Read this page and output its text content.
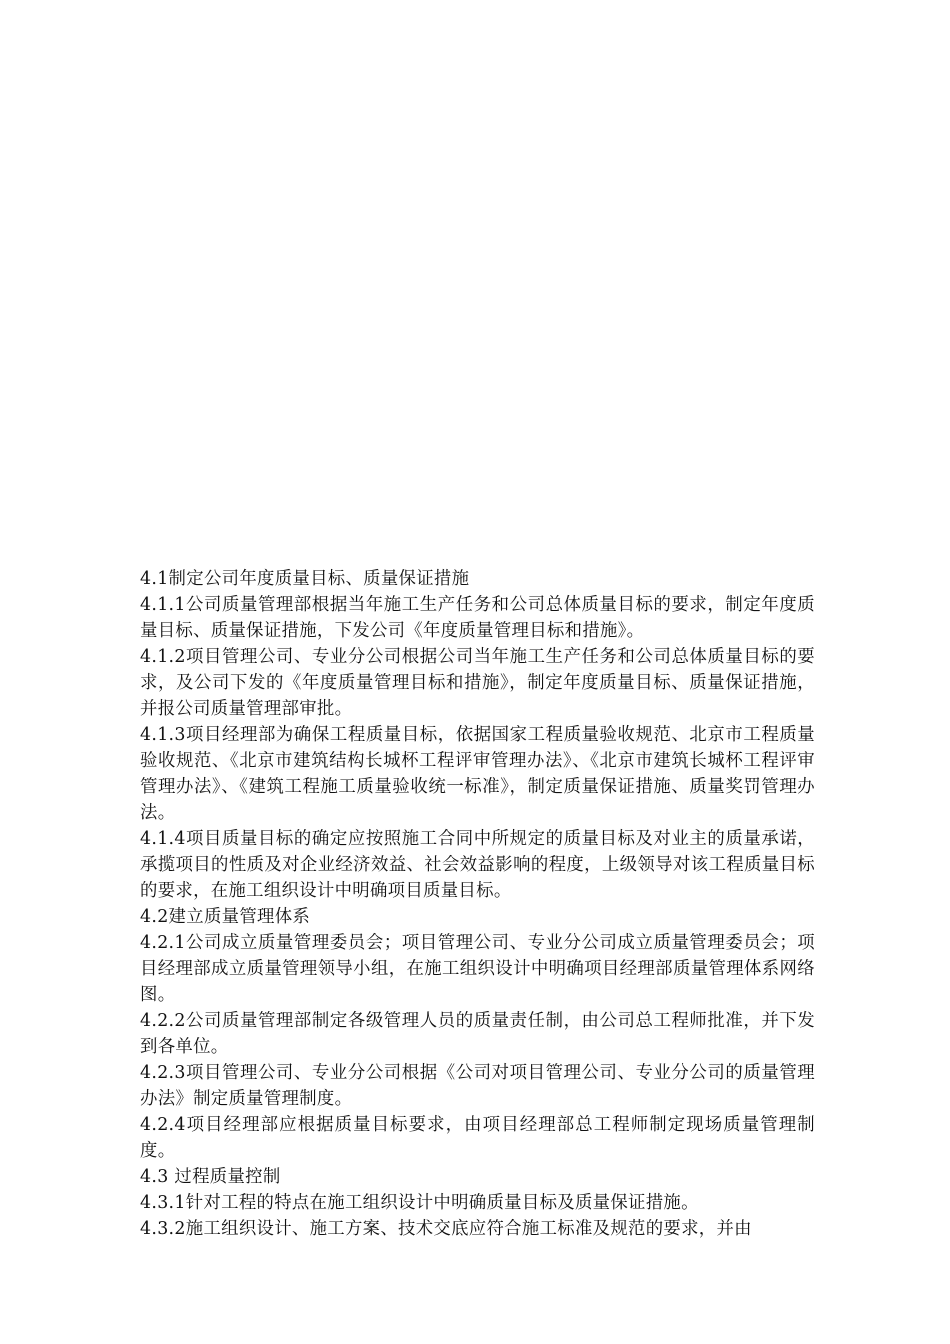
4.1制定公司年度质量目标、质量保证措施

4.1.1公司质量管理部根据当年施工生产任务和公司总体质量目标的要求，制定年度质量目标、质量保证措施，下发公司《年度质量管理目标和措施》。

4.1.2项目管理公司、专业分公司根据公司当年施工生产任务和公司总体质量目标的要求，及公司下发的《年度质量管理目标和措施》，制定年度质量目标、质量保证措施，并报公司质量管理部审批。

4.1.3项目经理部为确保工程质量目标，依据国家工程质量验收规范、北京市工程质量验收规范、《北京市建筑结构长城杯工程评审管理办法》、《北京市建筑长城杯工程评审管理办法》、《建筑工程施工质量验收统一标准》，制定质量保证措施、质量奖罚管理办法。

4.1.4项目质量目标的确定应按照施工合同中所规定的质量目标及对业主的质量承诺，承揽项目的性质及对企业经济效益、社会效益影响的程度，上级领导对该工程质量目标的要求，在施工组织设计中明确项目质量目标。

4.2建立质量管理体系

4.2.1公司成立质量管理委员会；项目管理公司、专业分公司成立质量管理委员会；项目经理部成立质量管理领导小组，在施工组织设计中明确项目经理部质量管理体系网络图。

4.2.2公司质量管理部制定各级管理人员的质量责任制，由公司总工程师批准，并下发到各单位。

4.2.3项目管理公司、专业分公司根据《公司对项目管理公司、专业分公司的质量管理办法》制定质量管理制度。

4.2.4项目经理部应根据质量目标要求，由项目经理部总工程师制定现场质量管理制度。

4.3 过程质量控制

4.3.1针对工程的特点在施工组织设计中明确质量目标及质量保证措施。

4.3.2施工组织设计、施工方案、技术交底应符合施工标准及规范的要求，并由
